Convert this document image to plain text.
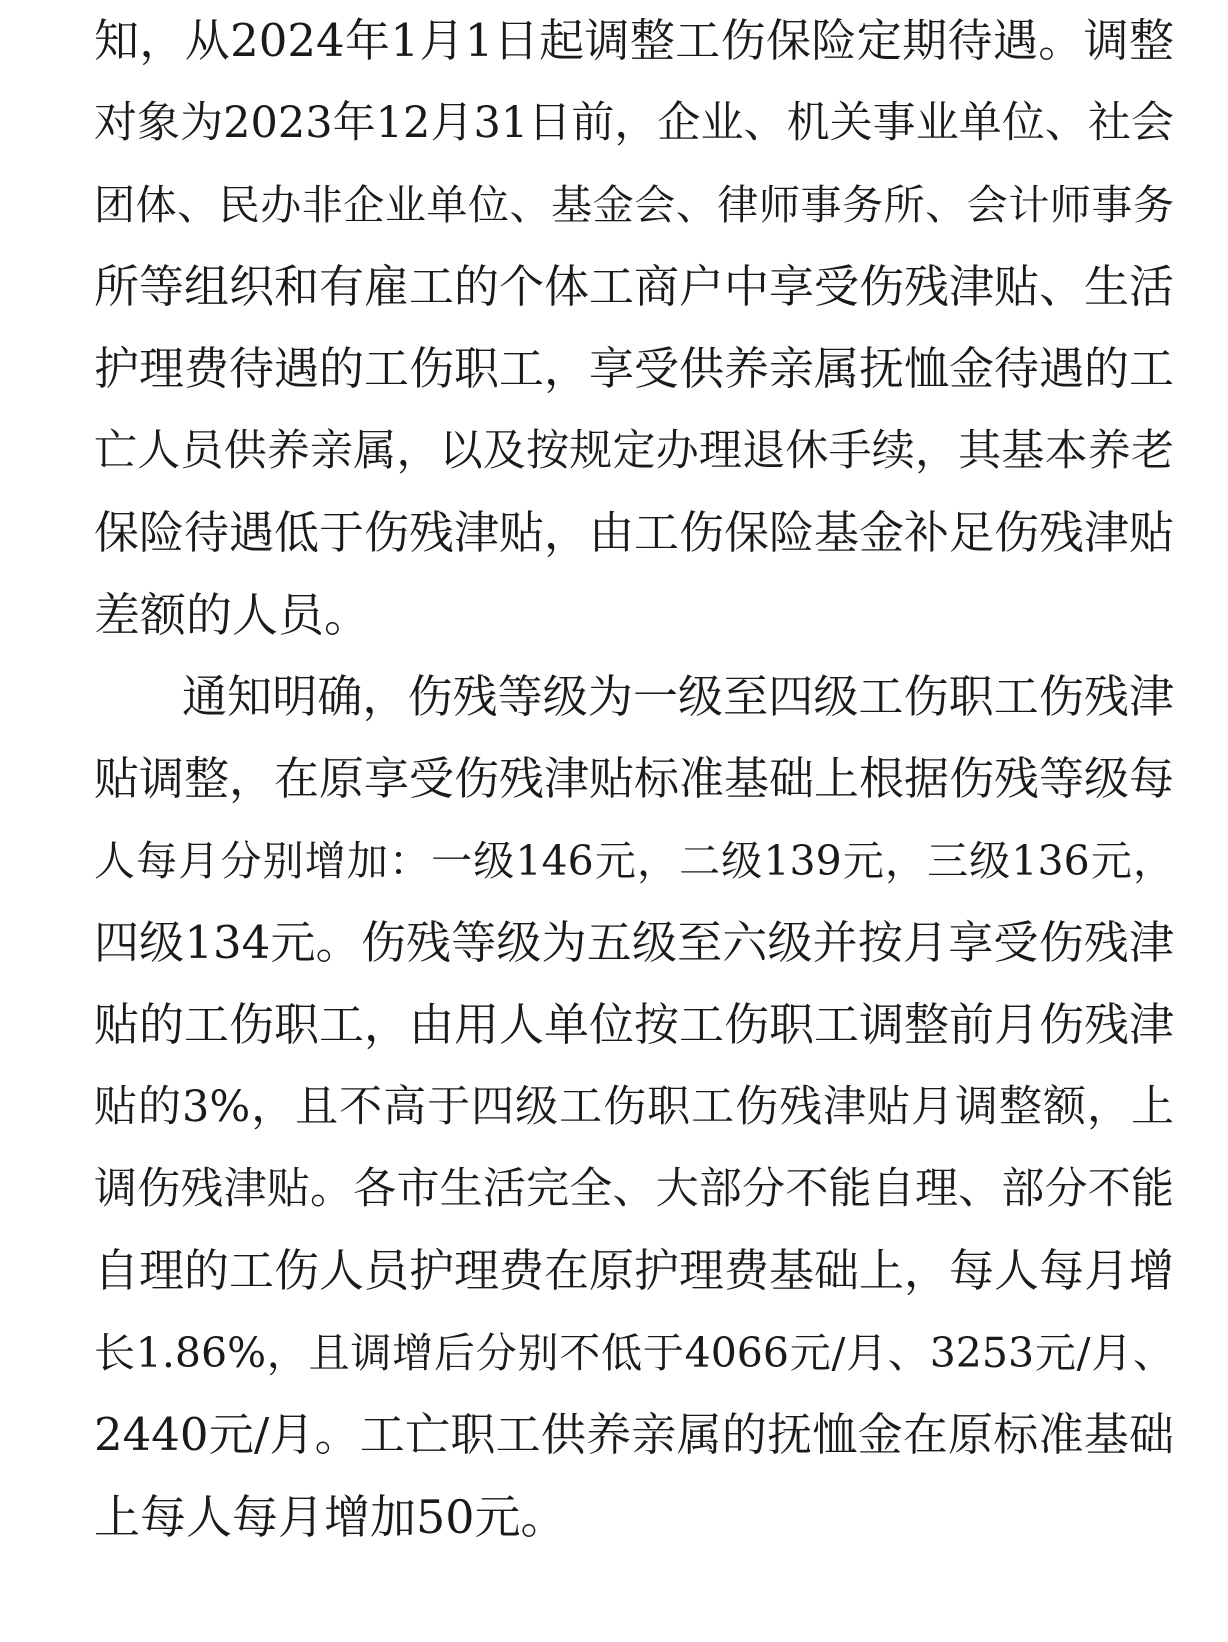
知，从2024年1月1日起调整工伤保险定期待遇。调整
对象为2023年12月31日前，企业、机关事业单位、社会
团体、民办非企业单位、基金会、律师事务所、会计师事务
所等组织和有雇工的个体工商户中享受伤残津贴、生活
护理费待遇的工伤职工，享受供养亲属抚恤金待遇的工
亡人员供养亲属，以及按规定办理退休手续，其基本养老
保险待遇低于伤残津贴，由工伤保险基金补足伤残津贴
差额的人员。
通知明确，伤残等级为一级至四级工伤职工伤残津
贴调整，在原享受伤残津贴标准基础上根据伤残等级每
人每月分别增加：一级146元，二级139元，三级136元，
四级134元。伤残等级为五级至六级并按月享受伤残津
贴的工伤职工，由用人单位按工伤职工调整前月伤残津
贴的3%，且不高于四级工伤职工伤残津贴月调整额，上
调伤残津贴。各市生活完全、大部分不能自理、部分不能
自理的工伤人员护理费在原护理费基础上，每人每月增
长1.86%，且调增后分别不低于4066元/月、3253元/月、
2440元/月。工亡职工供养亲属的抚恤金在原标准基础
上每人每月增加50元。
